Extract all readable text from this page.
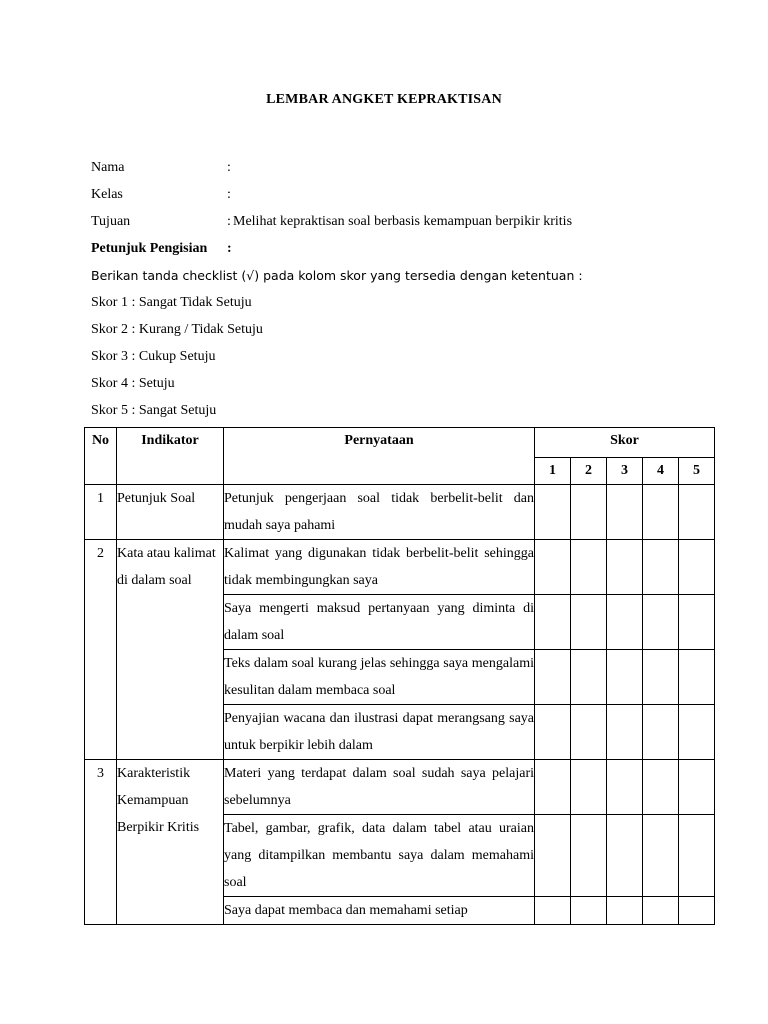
LEMBAR ANGKET KEPRAKTISAN
Nama	:
Kelas	:
Tujuan	: Melihat kepraktisan soal berbasis kemampuan berpikir kritis
Petunjuk Pengisian :
Berikan tanda checklist (√) pada kolom skor yang tersedia dengan ketentuan :
Skor 1 : Sangat Tidak Setuju
Skor 2 : Kurang / Tidak Setuju
Skor 3 : Cukup Setuju
Skor 4 : Setuju
Skor 5 : Sangat Setuju
No	Indikator	Pernyataan	Skor				
			1	2	3	4	5
1	Petunjuk Soal	Petunjuk pengerjaan soal tidak berbelit-belit dan mudah saya pahami					
2	Kata atau kalimat di dalam soal	Kalimat yang digunakan tidak berbelit-belit sehingga tidak membingungkan saya					
		Saya mengerti maksud pertanyaan yang diminta di dalam soal					
		Teks dalam soal kurang jelas sehingga saya mengalami kesulitan dalam membaca soal					
		Penyajian wacana dan ilustrasi dapat merangsang saya untuk berpikir lebih dalam					
3	Karakteristik Kemampuan Berpikir Kritis	Materi yang terdapat dalam soal sudah saya pelajari sebelumnya					
		Tabel, gambar, grafik, data dalam tabel atau uraian yang ditampilkan membantu saya dalam memahami soal					
		Saya dapat membaca dan memahami setiap					
